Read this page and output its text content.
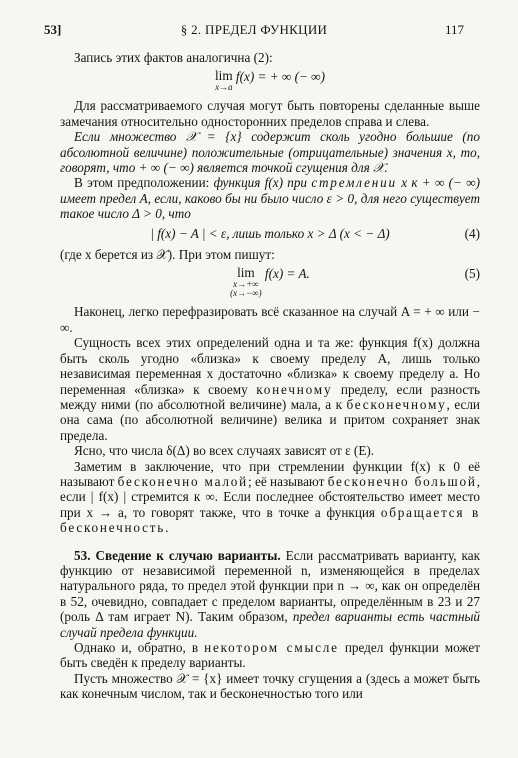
53]	§ 2. ПРЕДЕЛ ФУНКЦИИ	117

Запись этих фактов аналогична (2):

lim
x→a
f(x) = + ∞ (− ∞)

Для рассматриваемого случая могут быть повторены сделанные выше замечания относительно односторонних пределов справа и слева.

Если множество 𝒳 = {x} содержит сколь угодно большие (по абсолютной величине) положительные (отрицательные) значения x, то, говорят, что + ∞ (− ∞) является точкой сгущения для 𝒳.

В этом предположении: функция f(x) при стремлении x к + ∞ (− ∞) имеет предел A, если, каково бы ни было число ε > 0, для него существует такое число Δ > 0, что

| f(x) − A | < ε, лишь только x > Δ (x < − Δ)	(4)

(где x берется из 𝒳). При этом пишут:

lim
x→+∞
(x→−∞)
f(x) = A.	(5)

Наконец, легко перефразировать всё сказанное на случай A = + ∞ или − ∞.

Сущность всех этих определений одна и та же: функция f(x) должна быть сколь угодно «близка» к своему пределу A, лишь только независимая переменная x достаточно «близка» к своему пределу a. Но переменная «близка» к своему конечному пределу, если разность между ними (по абсолютной величине) мала, а к бесконечному, если она сама (по абсолютной величине) велика и притом сохраняет знак предела.

Ясно, что числа δ(Δ) во всех случаях зависят от ε (E).

Заметим в заключение, что при стремлении функции f(x) к 0 её называют бесконечно малой; её называют бесконечно большой, если | f(x) | стремится к ∞. Если последнее обстоятельство имеет место при x → a, то говорят также, что в точке a функция обращается в бесконечность.

53. Сведение к случаю варианты. Если рассматривать варианту, как функцию от независимой переменной n, изменяющейся в пределах натурального ряда, то предел этой функции при n → ∞, как он определён в 52, очевидно, совпадает с пределом варианты, определённым в 23 и 27 (роль Δ там играет N). Таким образом, предел варианты есть частный случай предела функции.

Однако и, обратно, в некотором смысле предел функции может быть сведён к пределу варианты.

Пусть множество 𝒳 = {x} имеет точку сгущения a (здесь a может быть как конечным числом, так и бесконечностью того или
